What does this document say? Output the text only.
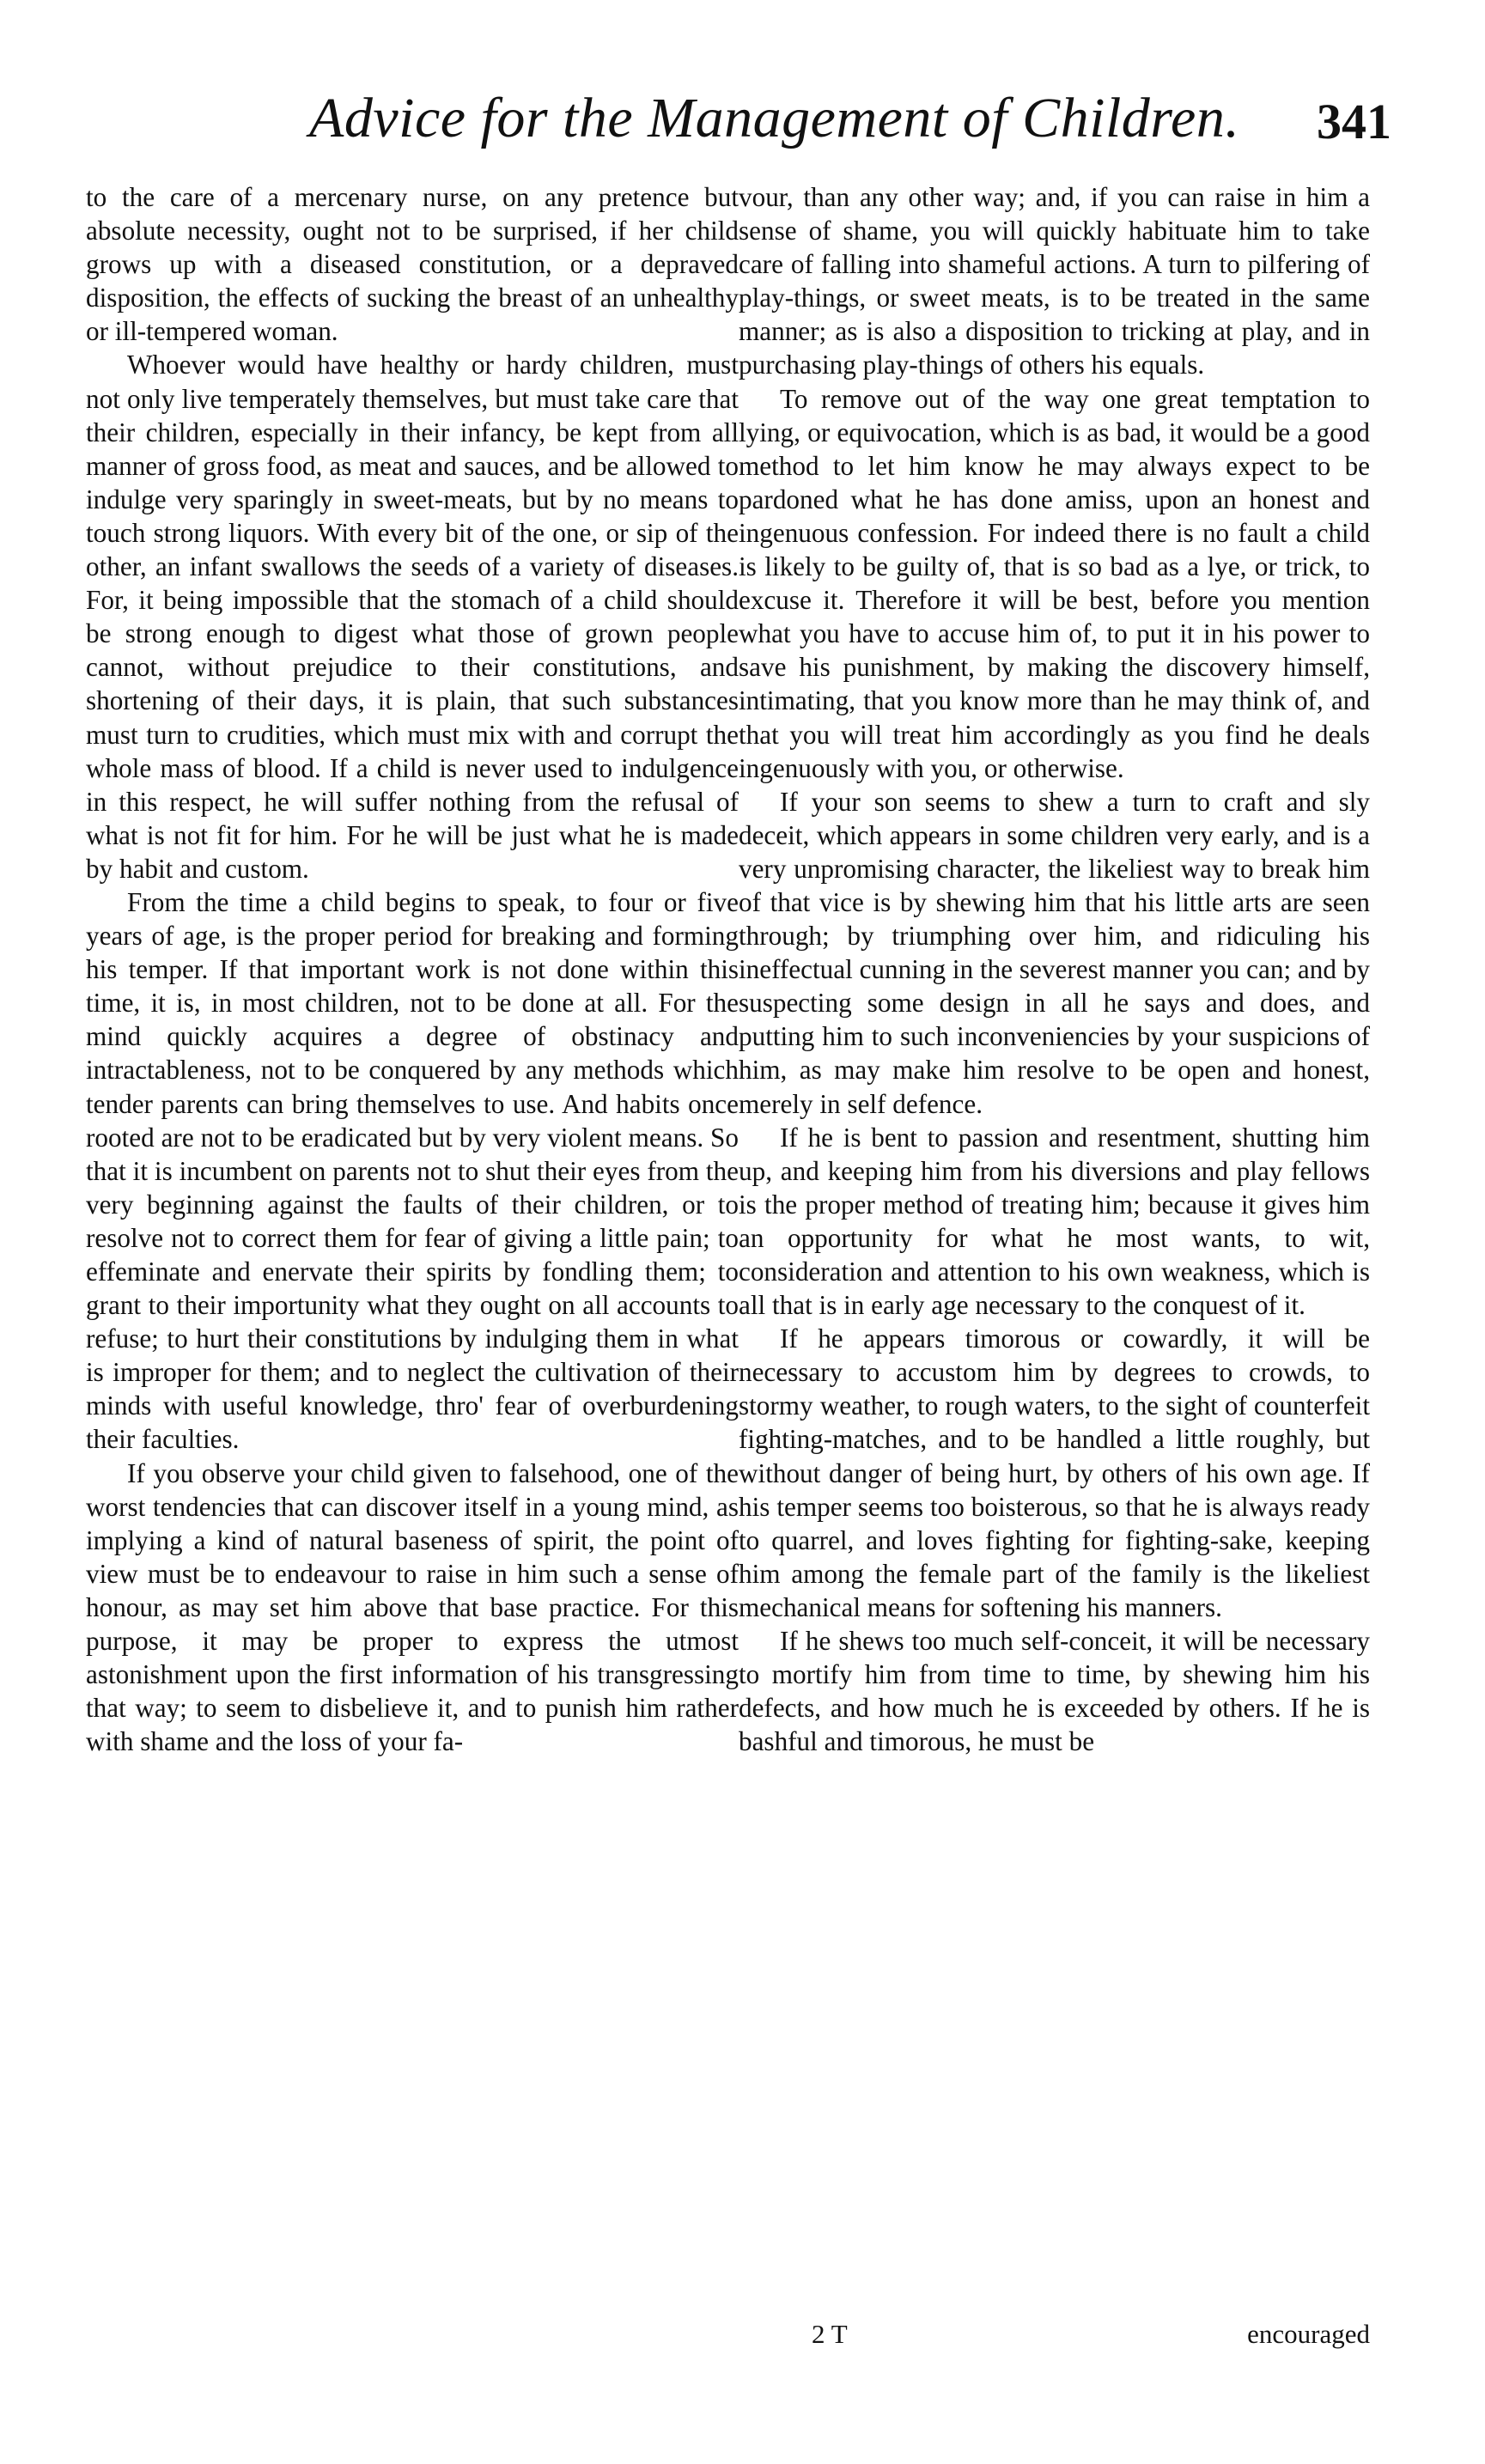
Advice for the Management of Children. 341

to the care of a mercenary nurse, on any pretence but absolute necessity, ought not to be surprised, if her child grows up with a diseased constitution, or a depraved disposition, the effects of sucking the breast of an unhealthy or ill-tempered woman.

Whoever would have healthy or hardy children, must not only live temperately themselves, but must take care that their children, especially in their infancy, be kept from all manner of gross food, as meat and sauces, and be allowed to indulge very sparingly in sweet-meats, but by no means to touch strong liquors. With every bit of the one, or sip of the other, an infant swallows the seeds of a variety of diseases. For, it being impossible that the stomach of a child should be strong enough to digest what those of grown people cannot, without prejudice to their constitutions, and shortening of their days, it is plain, that such substances must turn to crudities, which must mix with and corrupt the whole mass of blood. If a child is never used to indulgence in this respect, he will suffer nothing from the refusal of what is not fit for him. For he will be just what he is made by habit and custom.

From the time a child begins to speak, to four or five years of age, is the proper period for breaking and forming his temper. If that important work is not done within this time, it is, in most children, not to be done at all. For the mind quickly acquires a degree of obstinacy and intractableness, not to be conquered by any methods which tender parents can bring themselves to use. And habits once rooted are not to be eradicated but by very violent means. So that it is incumbent on parents not to shut their eyes from the very beginning against the faults of their children, or to resolve not to correct them for fear of giving a little pain; to effeminate and enervate their spirits by fondling them; to grant to their importunity what they ought on all accounts to refuse; to hurt their constitutions by indulging them in what is improper for them; and to neglect the cultivation of their minds with useful knowledge, thro' fear of overburdening their faculties.

If you observe your child given to falsehood, one of the worst tendencies that can discover itself in a young mind, as implying a kind of natural baseness of spirit, the point of view must be to endeavour to raise in him such a sense of honour, as may set him above that base practice. For this purpose, it may be proper to express the utmost astonishment upon the first information of his transgressing that way; to seem to disbelieve it, and to punish him rather with shame and the loss of your fa-

vour, than any other way; and, if you can raise in him a sense of shame, you will quickly habituate him to take care of falling into shameful actions. A turn to pilfering of play-things, or sweet meats, is to be treated in the same manner; as is also a disposition to tricking at play, and in purchasing play-things of others his equals.

To remove out of the way one great temptation to lying, or equivocation, which is as bad, it would be a good method to let him know he may always expect to be pardoned what he has done amiss, upon an honest and ingenuous confession. For indeed there is no fault a child is likely to be guilty of, that is so bad as a lye, or trick, to excuse it. Therefore it will be best, before you mention what you have to accuse him of, to put it in his power to save his punishment, by making the discovery himself, intimating, that you know more than he may think of, and that you will treat him accordingly as you find he deals ingenuously with you, or otherwise.

If your son seems to shew a turn to craft and sly deceit, which appears in some children very early, and is a very unpromising character, the likeliest way to break him of that vice is by shewing him that his little arts are seen through; by triumphing over him, and ridiculing his ineffectual cunning in the severest manner you can; and by suspecting some design in all he says and does, and putting him to such inconveniencies by your suspicions of him, as may make him resolve to be open and honest, merely in self defence.

If he is bent to passion and resentment, shutting him up, and keeping him from his diversions and play fellows is the proper method of treating him; because it gives him an opportunity for what he most wants, to wit, consideration and attention to his own weakness, which is all that is in early age necessary to the conquest of it.

If he appears timorous or cowardly, it will be necessary to accustom him by degrees to crowds, to stormy weather, to rough waters, to the sight of counterfeit fighting-matches, and to be handled a little roughly, but without danger of being hurt, by others of his own age. If his temper seems too boisterous, so that he is always ready to quarrel, and loves fighting for fighting-sake, keeping him among the female part of the family is the likeliest mechanical means for softening his manners.

If he shews too much self-conceit, it will be necessary to mortify him from time to time, by shewing him his defects, and how much he is exceeded by others. If he is bashful and timorous, he must be

2 T	encouraged
